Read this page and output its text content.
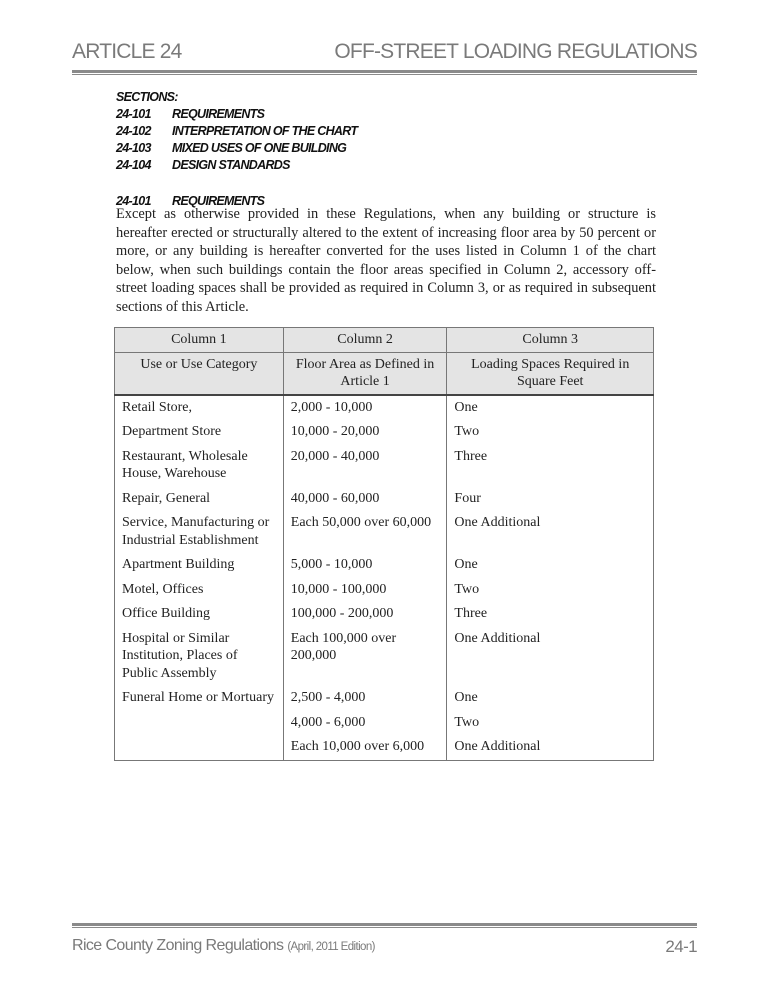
ARTICLE 24	OFF-STREET LOADING REGULATIONS
SECTIONS:
24-101 REQUIREMENTS
24-102 INTERPRETATION OF THE CHART
24-103 MIXED USES OF ONE BUILDING
24-104 DESIGN STANDARDS
24-101 REQUIREMENTS
Except as otherwise provided in these Regulations, when any building or structure is hereafter erected or structurally altered to the extent of increasing floor area by 50 percent or more, or any building is hereafter converted for the uses listed in Column 1 of the chart below, when such buildings contain the floor areas specified in Column 2, accessory off-street loading spaces shall be provided as required in Column 3, or as required in subsequent sections of this Article.
Column 1	Column 2	Column 3
Use or Use Category	Floor Area as Defined in Article 1	Loading Spaces Required in Square Feet
Retail Store,	2,000 - 10,000	One
Department Store	10,000 - 20,000	Two
Restaurant, Wholesale House, Warehouse	20,000 - 40,000	Three
Repair, General	40,000 - 60,000	Four
Service, Manufacturing or Industrial Establishment	Each 50,000 over 60,000	One Additional
Apartment Building	5,000 - 10,000	One
Motel, Offices	10,000 - 100,000	Two
Office Building	100,000 - 200,000	Three
Hospital or Similar Institution, Places of Public Assembly	Each 100,000 over 200,000	One Additional
Funeral Home or Mortuary	2,500 - 4,000	One
	4,000 - 6,000	Two
	Each 10,000 over 6,000	One Additional
Rice County Zoning Regulations (April, 2011 Edition)	24-1
